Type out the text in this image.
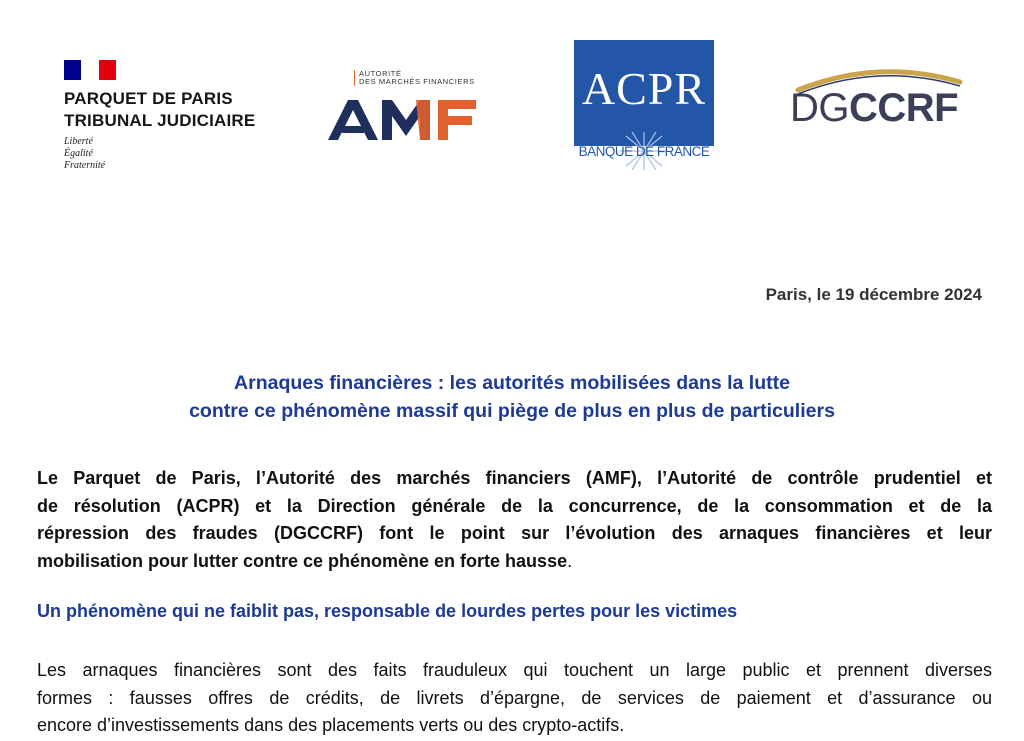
PARQUET DE PARIS
TRIBUNAL JUDICIAIRE
Liberté
Égalité
Fraternité
AUTORITÉ
DES MARCHÉS FINANCIERS ACPR
BANQUE DE FRANCE
DGCCRF
Paris, le 19 décembre 2024
Arnaques financières : les autorités mobilisées dans la lutte
contre ce phénomène massif qui piège de plus en plus de particuliers
Le Parquet de Paris, l’Autorité des marchés financiers (AMF), l’Autorité de contrôle prudentiel et
de résolution (ACPR) et la Direction générale de la concurrence, de la consommation et de la
répression des fraudes (DGCCRF) font le point sur l’évolution des arnaques financières et leur
mobilisation pour lutter contre ce phénomène en forte hausse.
Un phénomène qui ne faiblit pas, responsable de lourdes pertes pour les victimes
Les arnaques financières sont des faits frauduleux qui touchent un large public et prennent diverses
formes : fausses offres de crédits, de livrets d’épargne, de services de paiement et d’assurance ou
encore d’investissements dans des placements verts ou des crypto-actifs.
